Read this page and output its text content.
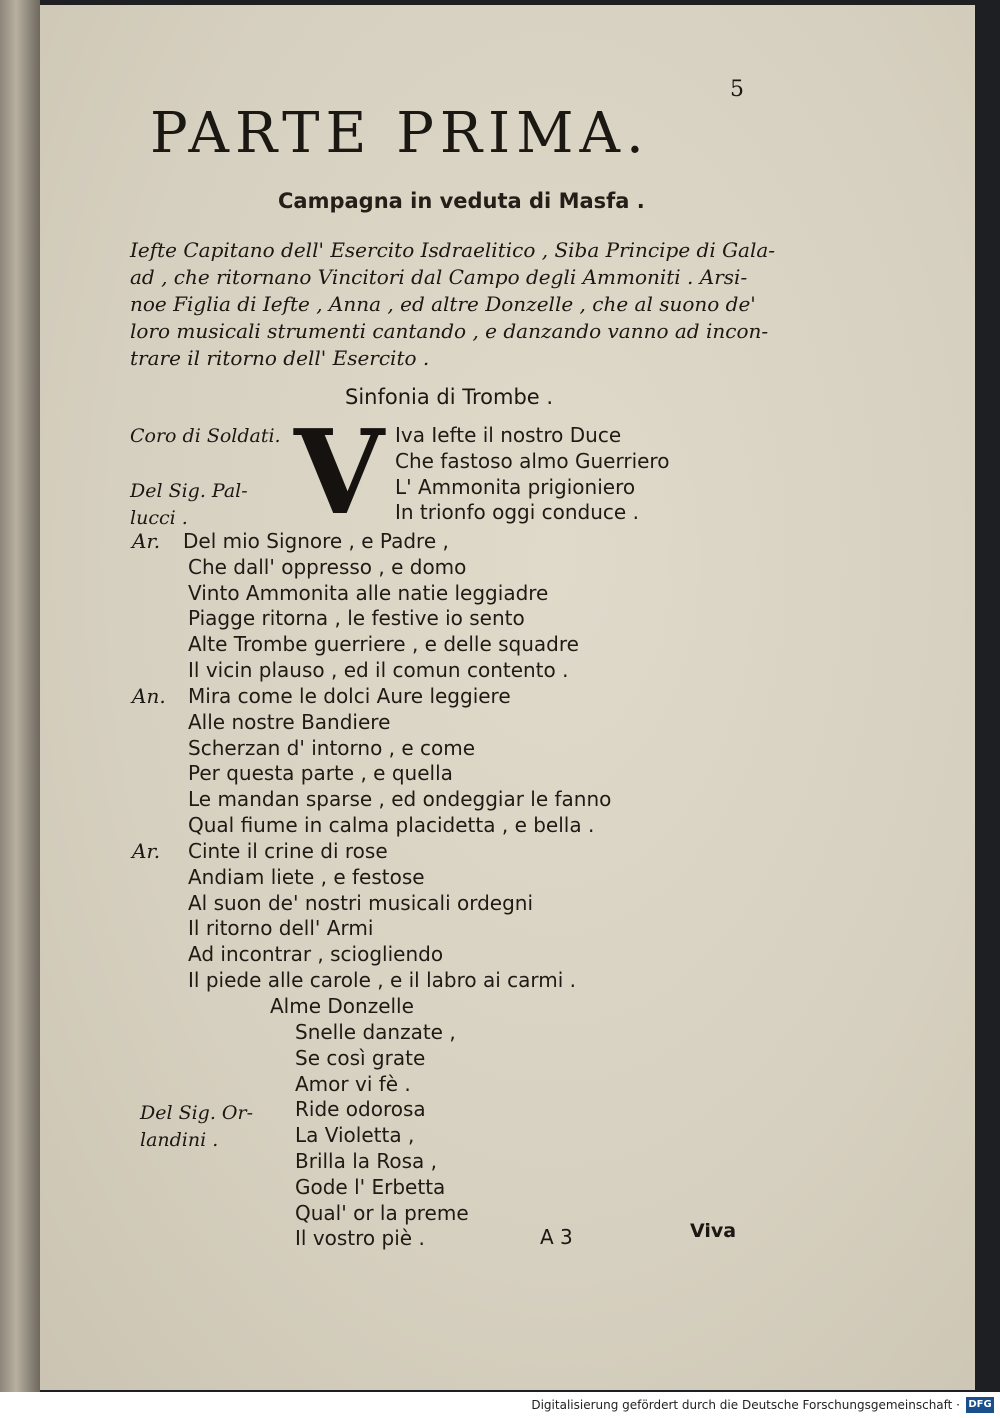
5
PARTE PRIMA.
Campagna in veduta di Masfa .
Iefte Capitano dell' Esercito Isdraelitico , Siba Principe di Gala-
ad , che ritornano Vincitori dal Campo degli Ammoniti . Arsi-
noe Figlia di Iefte , Anna , ed altre Donzelle , che al suono de'
loro musicali strumenti cantando , e danzando vanno ad incon-
trare il ritorno dell' Esercito .
Sinfonia di Trombe .
Coro di Soldati.
Del Sig. Pal-
lucci . V Iva Iefte il nostro Duce
Che fastoso almo Guerriero
L' Ammonita prigioniero
In trionfo oggi conduce .
Ar. Del mio Signore , e Padre ,
Che dall' oppresso , e domo
Vinto Ammonita alle natie leggiadre
Piagge ritorna , le festive io sento
Alte Trombe guerriere , e delle squadre
Il vicin plauso , ed il comun contento .
An. Mira come le dolci Aure leggiere
Alle nostre Bandiere
Scherzan d' intorno , e come
Per questa parte , e quella
Le mandan sparse , ed ondeggiar le fanno
Qual fiume in calma placidetta , e bella .
Ar. Cinte il crine di rose
Andiam liete , e festose
Al suon de' nostri musicali ordegni
Il ritorno dell' Armi
Ad incontrar , sciogliendo
Il piede alle carole , e il labro ai carmi .
Alme Donzelle
Snelle danzate ,
Se così grate
Amor vi fè .
Ride odorosa
La Violetta ,
Brilla la Rosa ,
Gode l' Erbetta
Qual' or la preme
Il vostro piè .
Del Sig. Or-
landini .
A 3	Viva
Digitalisierung gefördert durch die Deutsche Forschungsgemeinschaft · DFG
